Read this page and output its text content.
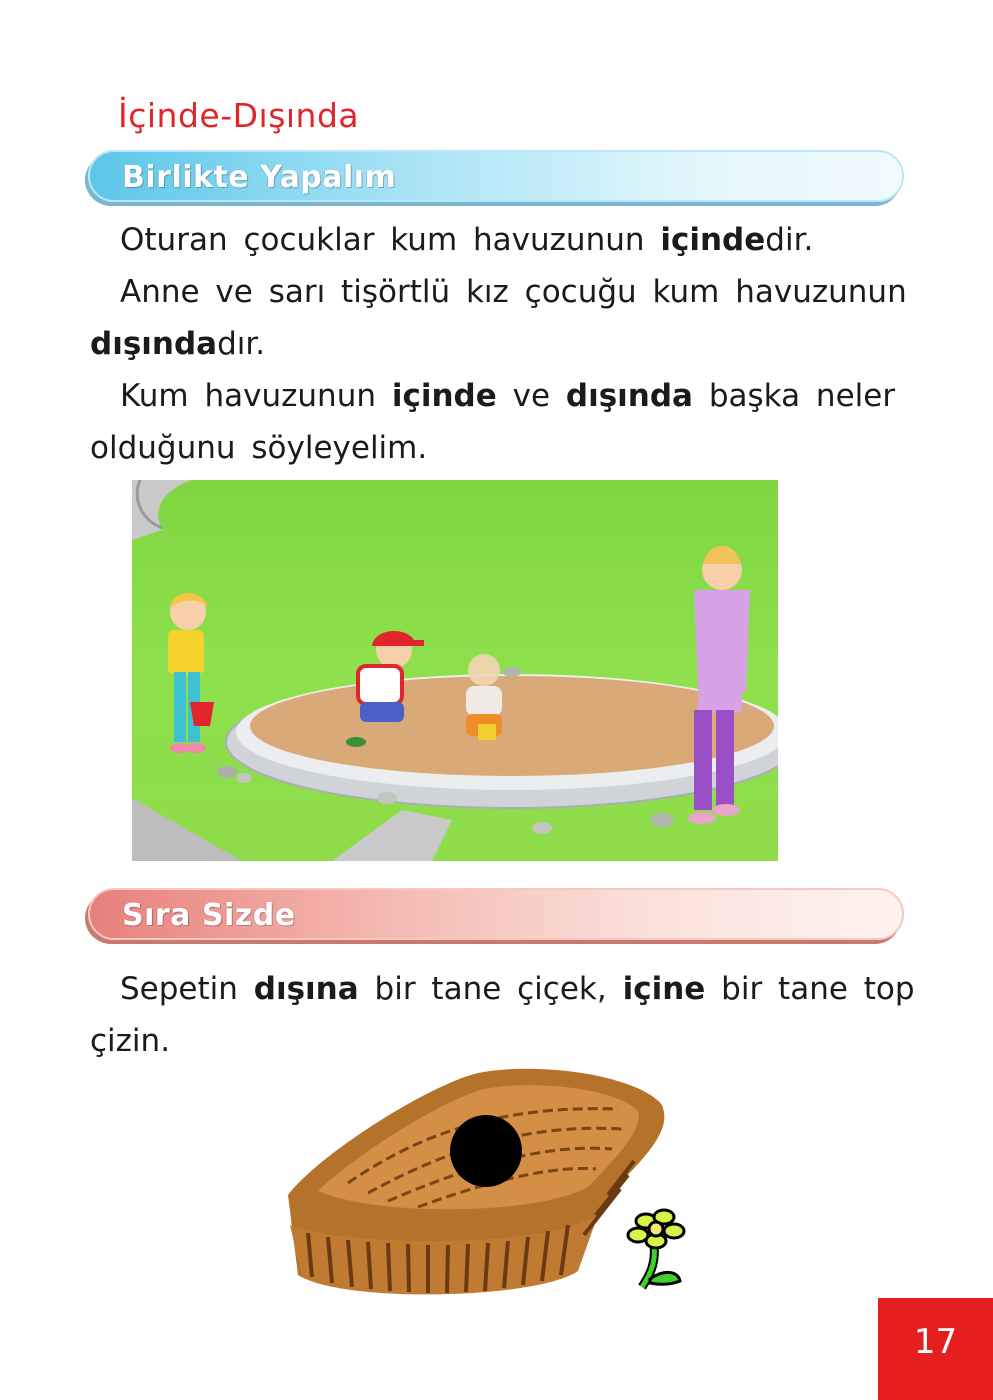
İçinde-Dışında
Birlikte Yapalım
Oturan çocuklar kum havuzunun içindedir.
Anne ve sarı tişörtlü kız çocuğu kum havuzunun
dışındadır.
Kum havuzunun içinde ve dışında başka neler
olduğunu söyleyelim.
Sıra Sizde
Sepetin dışına bir tane çiçek, içine bir tane top
çizin.
17
